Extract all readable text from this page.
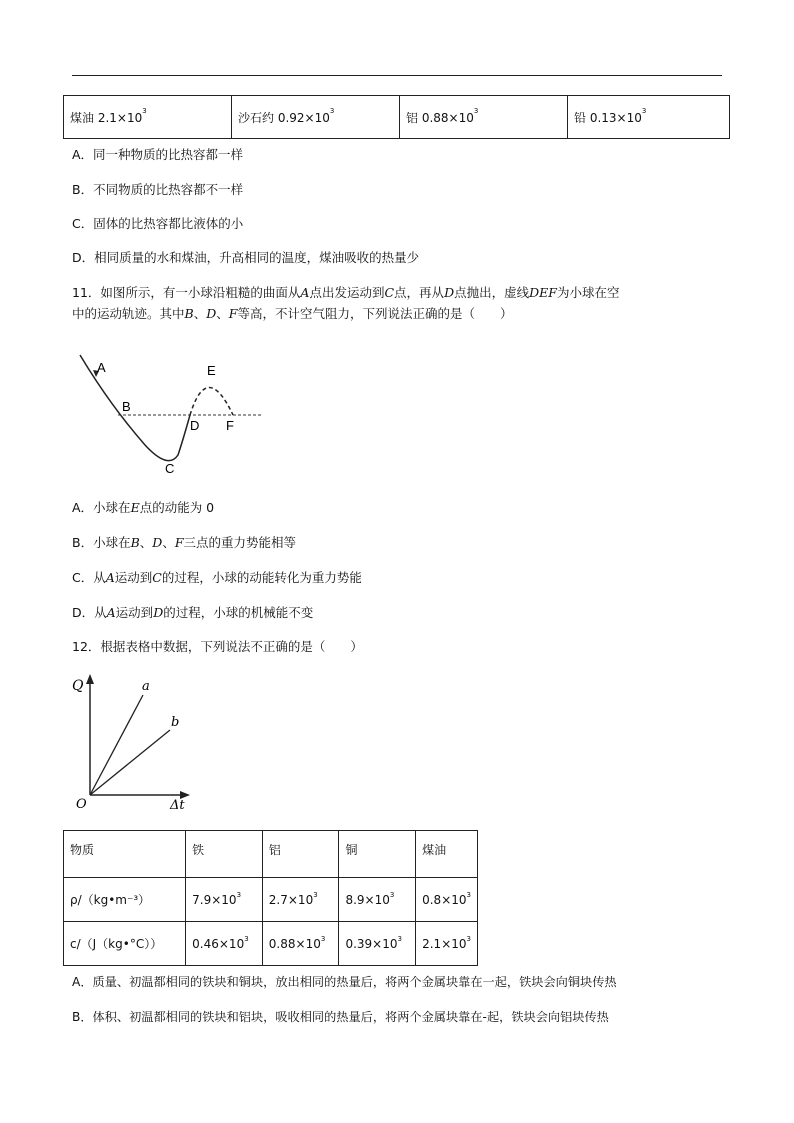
煤油 $2.1\times 10^3$	沙石约 $0.92\times 10^3$	铝 $0.88\times 10^3$	铅 $0.13\times 10^3$
A．同一种物质的比热容都一样
B．不同物质的比热容都不一样
C．固体的比热容都比液体的小
D．相同质量的水和煤油，升高相同的温度，煤油吸收的热量少
11．如图所示，有一小球沿粗糙的曲面从A点出发运动到C点，再从D点抛出，虚线DEF为小球在空
中的运动轨迹。其中B、D、F等高，不计空气阻力，下列说法正确的是（　　）
A
B
C
D
E
F
A．小球在E点的动能为 0
B．小球在B、D、F三点的重力势能相等
C．从A运动到C的过程，小球的动能转化为重力势能
D．从A运动到D的过程，小球的机械能不变
12．根据表格中数据，下列说法不正确的是（　　）
Q
Δt
O
a
b
物质	铁	铝	铜	煤油
ρ/（kg•m⁻³）	$7.9\times 10^3$	$2.7\times 10^3$	$8.9\times 10^3$	$0.8\times 10^3$
c/（J（kg•°C））	$0.46\times 10^3$	$0.88\times 10^3$	$0.39\times 10^3$	$2.1\times 10^3$
A．质量、初温都相同的铁块和铜块，放出相同的热量后，将两个金属块靠在一起，铁块会向铜块传热
B．体积、初温都相同的铁块和铝块，吸收相同的热量后，将两个金属块靠在-起，铁块会向铝块传热
